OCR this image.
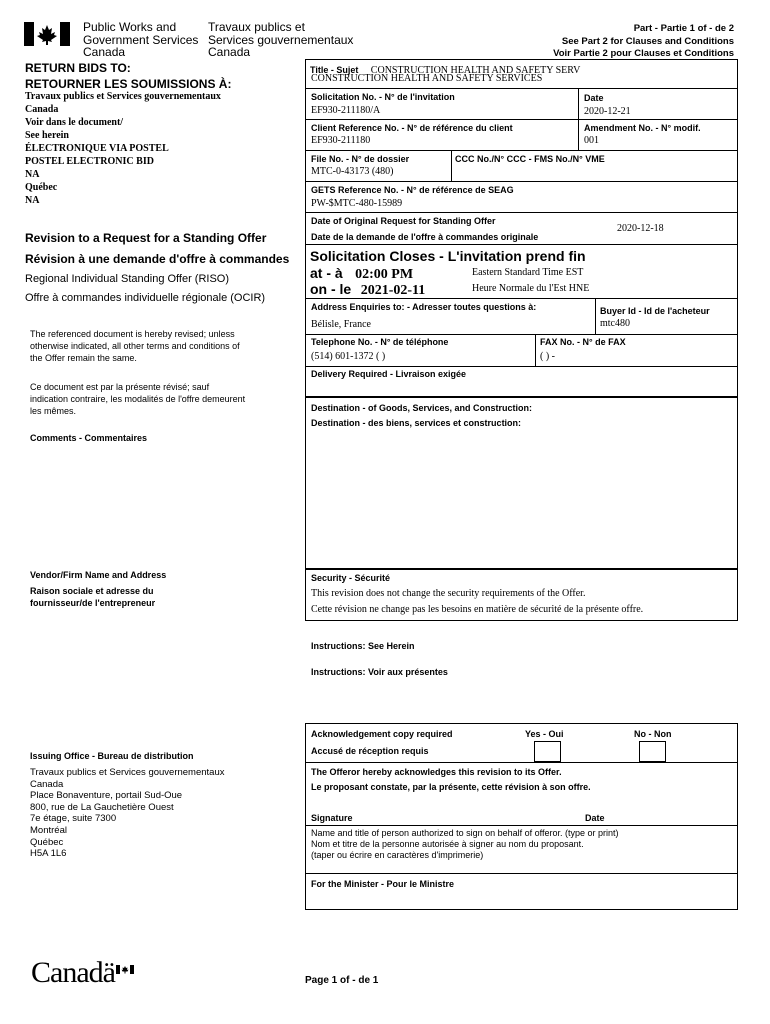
Public Works and
Government Services
Canada
Travaux publics et
Services gouvernementaux
Canada
Part - Partie 1 of - de 2
See Part 2 for Clauses and Conditions
Voir Partie 2 pour Clauses et Conditions
RETURN BIDS TO:
RETOURNER LES SOUMISSIONS À:
Travaux publics et Services gouvernementaux
Canada
Voir dans le document/
See herein
ÉLECTRONIQUE VIA POSTEL
POSTEL ELECTRONIC BID
NA
Québec
NA
Revision to a Request for a Standing Offer
Révision à une demande d'offre à commandes
Regional Individual Standing Offer (RISO)
Offre à commandes individuelle régionale (OCIR)
The referenced document is hereby revised; unless
otherwise indicated, all other terms and conditions of
the Offer remain the same.
Ce document est par la présente révisé; sauf
indication contraire, les modalités de l'offre demeurent
les mêmes.
Comments - Commentaires
Vendor/Firm Name and Address
Raison sociale et adresse du
fournisseur/de l'entrepreneur
Issuing Office - Bureau de distribution
Travaux publics et Services gouvernementaux
Canada
Place Bonaventure, portail Sud-Oue
800, rue de La Gauchetière Ouest
7e étage, suite 7300
Montréal
Québec
H5A 1L6
Title - Sujet CONSTRUCTION HEALTH AND SAFETY SERV
CONSTRUCTION HEALTH AND SAFETY SERVICES
Solicitation No. - N° de l'invitation
EF930-211180/A
Date
2020-12-21
Client Reference No. - N° de référence du client
EF930-211180
Amendment No. - N° modif.
001
File No. - N° de dossier
MTC-0-43173 (480)
CCC No./N° CCC - FMS No./N° VME
GETS Reference No. - N° de référence de SEAG
PW-$MTC-480-15989
Date of Original Request for Standing Offer
Date de la demande de l'offre à commandes originale
2020-12-18
Solicitation Closes - L'invitation prend fin
at - à 02:00 PM
on - le 2021-02-11
Eastern Standard Time EST
Heure Normale du l'Est HNE
Address Enquiries to: - Adresser toutes questions à:
Bélisle, France
Buyer Id - Id de l'acheteur
mtc480
Telephone No. - N° de téléphone
(514) 601-1372 ( )
FAX No. - N° de FAX
( ) -
Delivery Required - Livraison exigée
Destination - of Goods, Services, and Construction:
Destination - des biens, services et construction:
Security - Sécurité
This revision does not change the security requirements of the Offer.
Cette révision ne change pas les besoins en matière de sécurité de la présente offre.
Instructions: See Herein
Instructions: Voir aux présentes
Acknowledgement copy required	Yes - Oui	No - Non
Accusé de réception requis
The Offeror hereby acknowledges this revision to its Offer.
Le proposant constate, par la présente, cette révision à son offre.
Signature	Date
Name and title of person authorized to sign on behalf of offeror. (type or print)
Nom et titre de la personne autorisée à signer au nom du proposant.
(taper ou écrire en caractères d'imprimerie)
For the Minister - Pour le Ministre
Canadä	Page 1 of - de 1
